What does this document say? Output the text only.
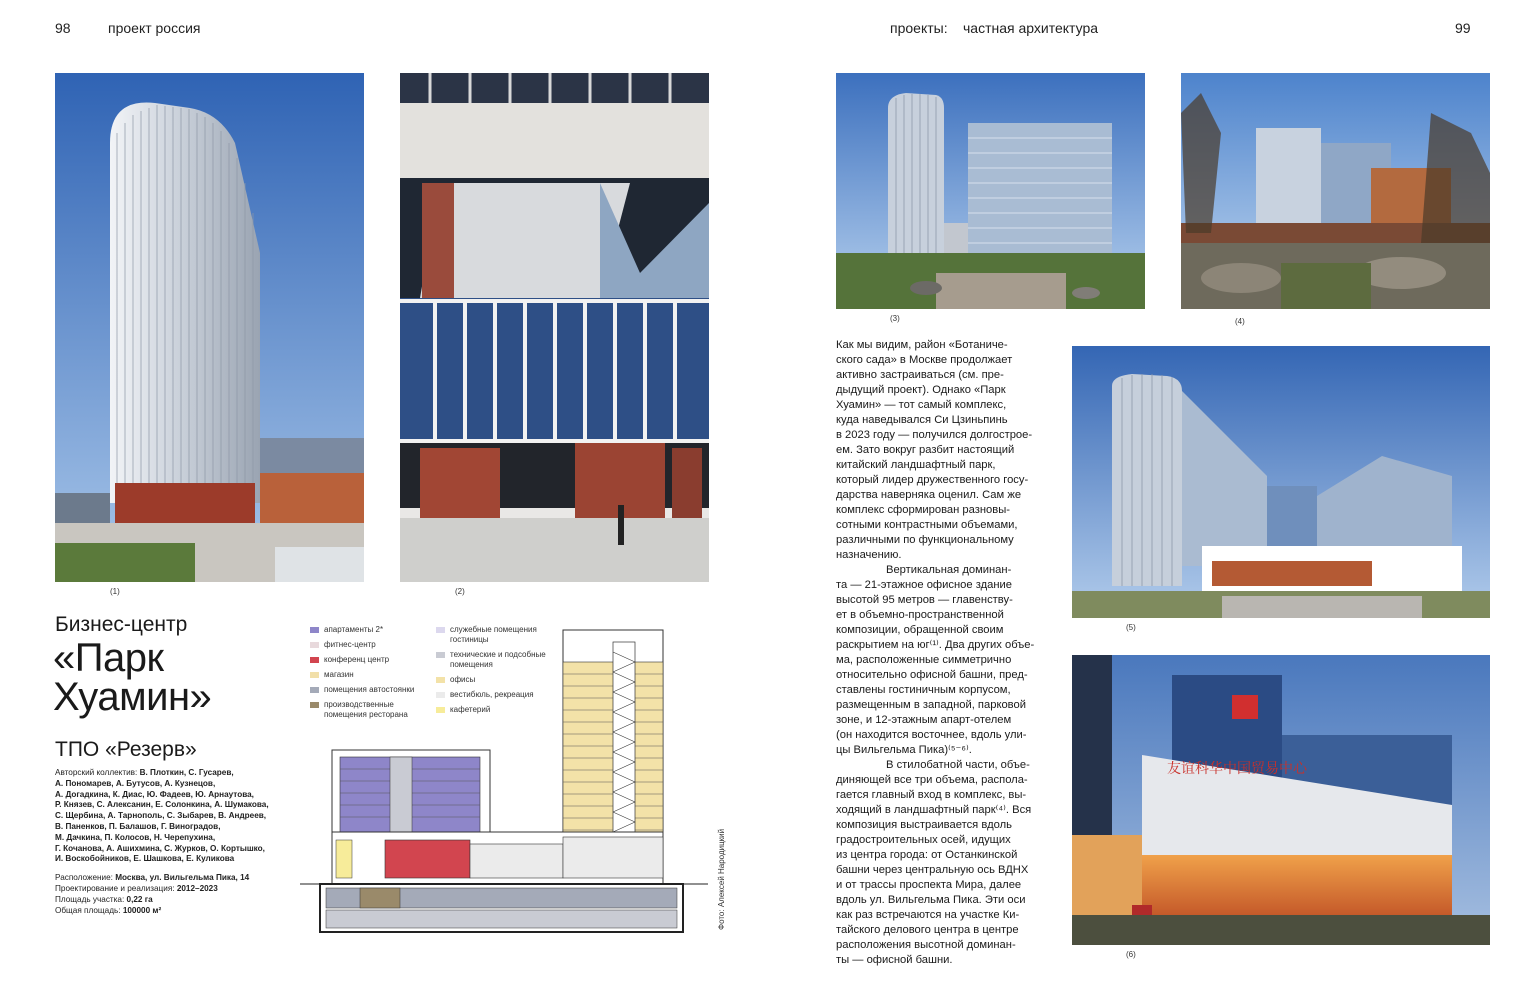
98	проект россия	проекты: частная архитектура	99
(1)	(2)
Бизнес-центр
«Парк
Хуамин»
ТПО «Резерв»
Авторский коллектив: В. Плоткин, С. Гусарев,
А. Пономарев, А. Бутусов, А. Кузнецов,
А. Догадкина, К. Диас, Ю. Фадеев, Ю. Арнаутова,
Р. Князев, С. Алексанин, Е. Солонкина, А. Шумакова,
С. Щербина, А. Тарнополь, С. Зыбарев, В. Андреев,
В. Паненков, П. Балашов, Г. Виноградов,
М. Дачкина, П. Колосов, Н. Черепухина,
Г. Кочанова, А. Ашихмина, С. Журков, О. Кортышко,
И. Воскобойников, Е. Шашкова, Е. Куликова
Расположение: Москва, ул. Вильгельма Пика, 14
Проектирование и реализация: 2012–2023
Площадь участка: 0,22 га
Общая площадь: 100000 м²
апартаменты 2*
фитнес-центр
конференц центр
магазин
помещения автостоянки
производственные помещения ресторана
служебные помещения гостиницы
технические и подсобные помещения
офисы
вестибюль, рекреация
кафетерий
Фото: Алексей Народицкий
(3)	(4)

Как мы видим, район «Ботаниче-
ского сада» в Москве продолжает
активно застраиваться (см. пре-
дыдущий проект). Однако «Парк
Хуамин» — тот самый комплекс,
куда наведывался Си Цзиньпинь
в 2023 году — получился долгострое-
ем. Зато вокруг разбит настоящий
китайский ландшафтный парк,
который лидер дружественного госу-
дарства наверняка оценил. Сам же
комплекс сформирован разновы-
сотными контрастными объемами,
различными по функциональному
назначению.

Вертикальная доминан-
та — 21-этажное офисное здание
высотой 95 метров — главенству-
ет в объемно-пространственной
композиции, обращенной своим
раскрытием на юг⁽¹⁾. Два других объе-
ма, расположенные симметрично
относительно офисной башни, пред-
ставлены гостиничным корпусом,
размещенным в западной, парковой
зоне, и 12-этажным апарт-отелем
(он находится восточнее, вдоль ули-
цы Вильгельма Пика)⁽⁵⁻⁶⁾.

В стилобатной части, объе-
диняющей все три объема, распола-
гается главный вход в комплекс, вы-
ходящий в ландшафтный парк⁽⁴⁾. Вся
композиция выстраивается вдоль
градостроительных осей, идущих
из центра города: от Останкинской
башни через центральную ось ВДНХ
и от трассы проспекта Мира, далее
вдоль ул. Вильгельма Пика. Эти оси
как раз встречаются на участке Ки-
тайского делового центра в центре
расположения высотной доминан-
ты — офисной башни.

(5)
友谊科华中国贸易中心
(6)
